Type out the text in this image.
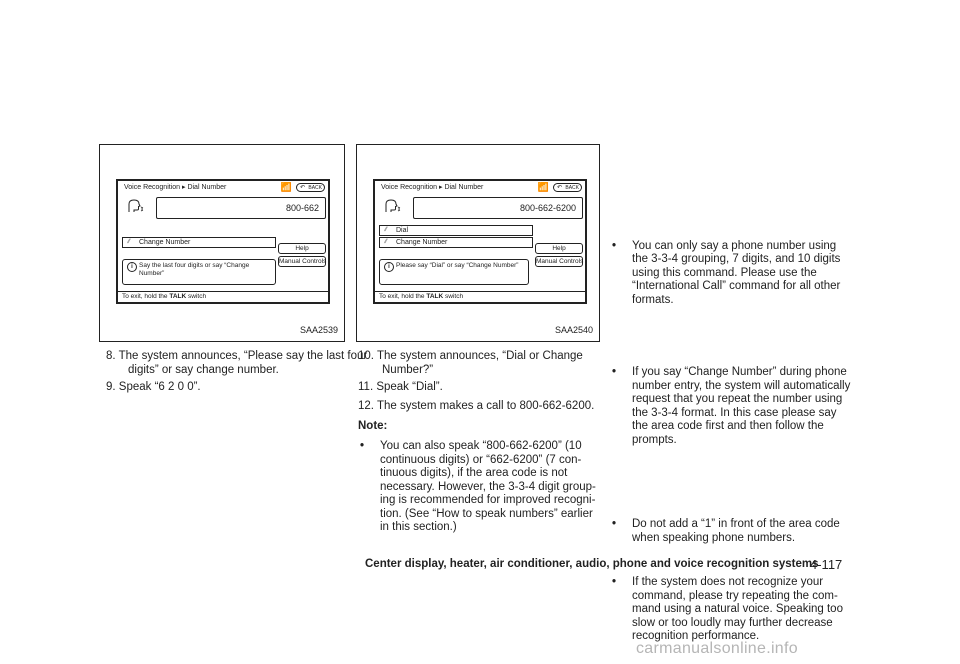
Voice Recognition ▸ Dial Number	📶	↶ BACK
800-662
⫽ Change Number
Help
Manual Controls
i Say the last four digits or say “Change Number”
To exit, hold the TALK switch
SAA2539
Voice Recognition ▸ Dial Number	📶	↶ BACK
800-662-6200
⫽ Dial
⫽ Change Number
Help
Manual Controls
i Please say “Dial” or say “Change Number”
To exit, hold the TALK switch
SAA2540
8. The system announces, “Please say the last four digits” or say change number.
9. Speak “6 2 0 0”.
10. The system announces, “Dial or Change Number?”
11. Speak “Dial”.
12. The system makes a call to 800-662-6200.
Note:
• You can also speak “800-662-6200” (10 continuous digits) or “662-6200” (7 con-tinuous digits), if the area code is not necessary. However, the 3-3-4 digit group-ing is recommended for improved recogni-tion. (See “How to speak numbers” earlier in this section.)
• You can only say a phone number using the 3-3-4 grouping, 7 digits, and 10 digits using this command. Please use the “International Call” command for all other formats.
• If you say “Change Number” during phone number entry, the system will automatically request that you repeat the number using the 3-3-4 format. In this case please say the area code first and then follow the prompts.
• Do not add a “1” in front of the area code when speaking phone numbers.
• If the system does not recognize your command, please try repeating the com-mand using a natural voice. Speaking too slow or too loudly may further decrease recognition performance.
Center display, heater, air conditioner, audio, phone and voice recognition systems
4-117
carmanualsonline.info
